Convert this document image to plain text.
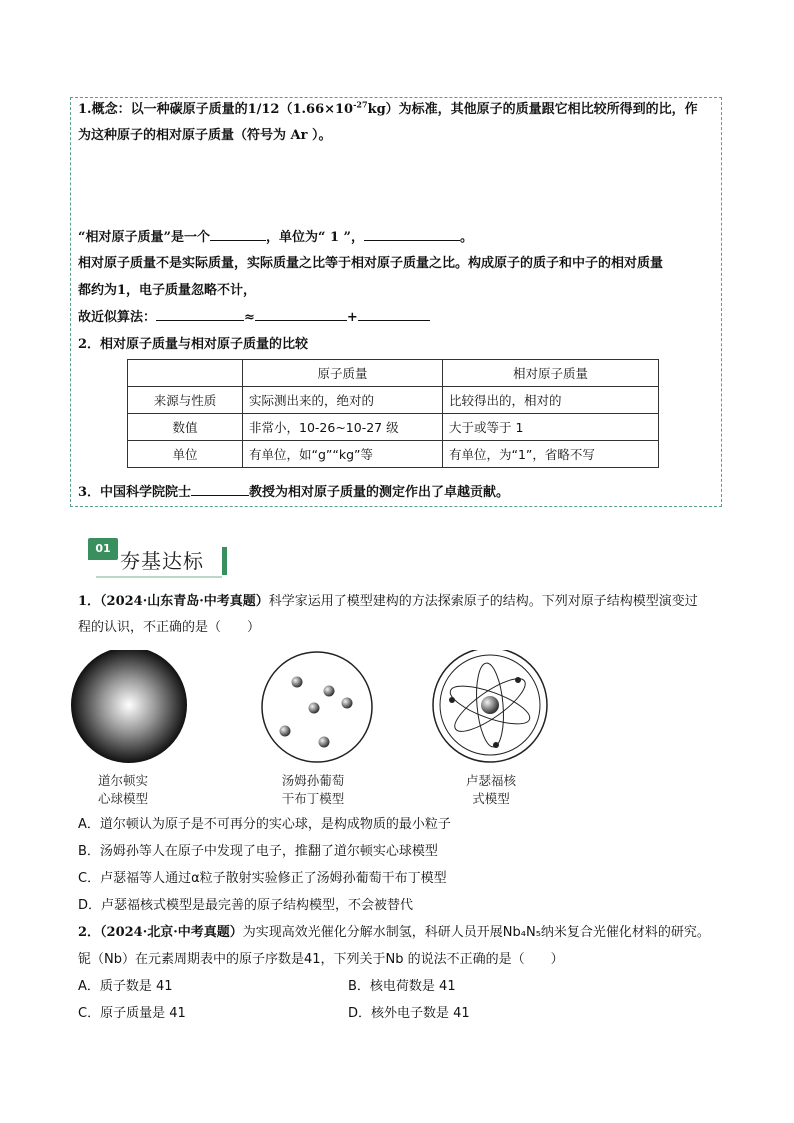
1.概念：以一种碳原子质量的$1/12(1.66\times 10^{-27}kg)$为标准，其他原子的质量跟它相比较所得到的比，作
为这种原子的相对原子质量（符号为 Ar ）。
“相对原子质量”是一个	，单位为“ 1 ”，	。
相对原子质量不是实际质量，实际质量之比等于相对原子质量之比。构成原子的质子和中子的相对质量
都约为1，电子质量忽略不计，
故近似算法：	≈	+
2．相对原子质量与相对原子质量的比较
	原子质量	相对原子质量
来源与性质	实际测出来的，绝对的	比较得出的，相对的
数值	非常小，10-26~10-27 级	大于或等于 1
单位	有单位，如“g”“kg”等	有单位，为“1”，省略不写
3．中国科学院院士	教授为相对原子质量的测定作出了卓越贡献。
01
夯基达标
1．（2024·山东青岛·中考真题）科学家运用了模型建构的方法探索原子的结构。下列对原子结构模型演变过
程的认识，不正确的是（　　）
道尔顿实
心球模型
汤姆孙葡萄
干布丁模型
卢瑟福核
式模型
A．道尔顿认为原子是不可再分的实心球，是构成物质的最小粒子
B．汤姆孙等人在原子中发现了电子，推翻了道尔顿实心球模型
C．卢瑟福等人通过α粒子散射实验修正了汤姆孙葡萄干布丁模型
D．卢瑟福核式模型是最完善的原子结构模型，不会被替代
2．（2024·北京·中考真题）为实现高效光催化分解水制氢，科研人员开展Nb₄N₅纳米复合光催化材料的研究。
铌（Nb）在元素周期表中的原子序数是41，下列关于Nb 的说法不正确的是（　　）
A．质子数是 41	B．核电荷数是 41
C．原子质量是 41	D．核外电子数是 41
